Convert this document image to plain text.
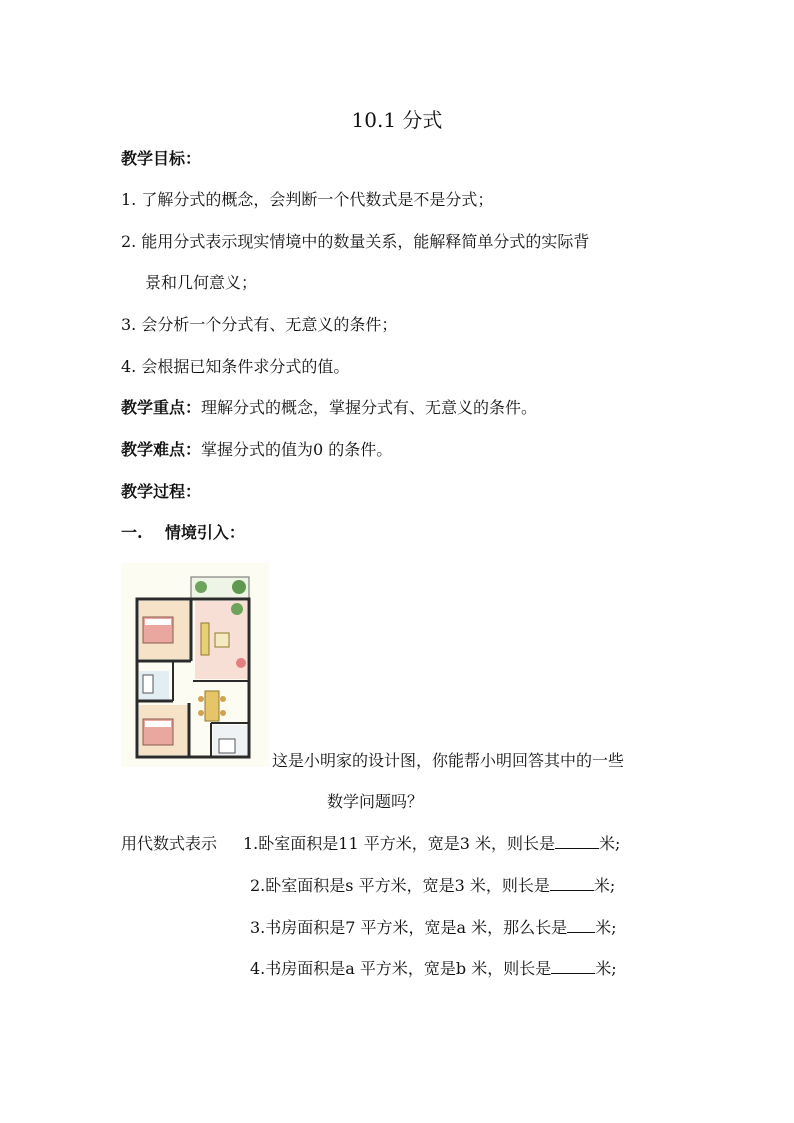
10.1 分式
教学目标：
1. 了解分式的概念，会判断一个代数式是不是分式；
2. 能用分式表示现实情境中的数量关系，能解释简单分式的实际背
景和几何意义；
3. 会分析一个分式有、无意义的条件；
4. 会根据已知条件求分式的值。
教学重点：理解分式的概念，掌握分式有、无意义的条件。
教学难点：掌握分式的值为0 的条件。
教学过程：
一.    情境引入：
这是小明家的设计图，你能帮小明回答其中的一些
数学问题吗？
用代数式表示 1.卧室面积是11 平方米，宽是3 米，则长是	米;
2.卧室面积是s 平方米，宽是3 米，则长是	米;
3.书房面积是7 平方米，宽是a 米，那么长是 米;
4.书房面积是a 平方米，宽是b 米，则长是	米;
